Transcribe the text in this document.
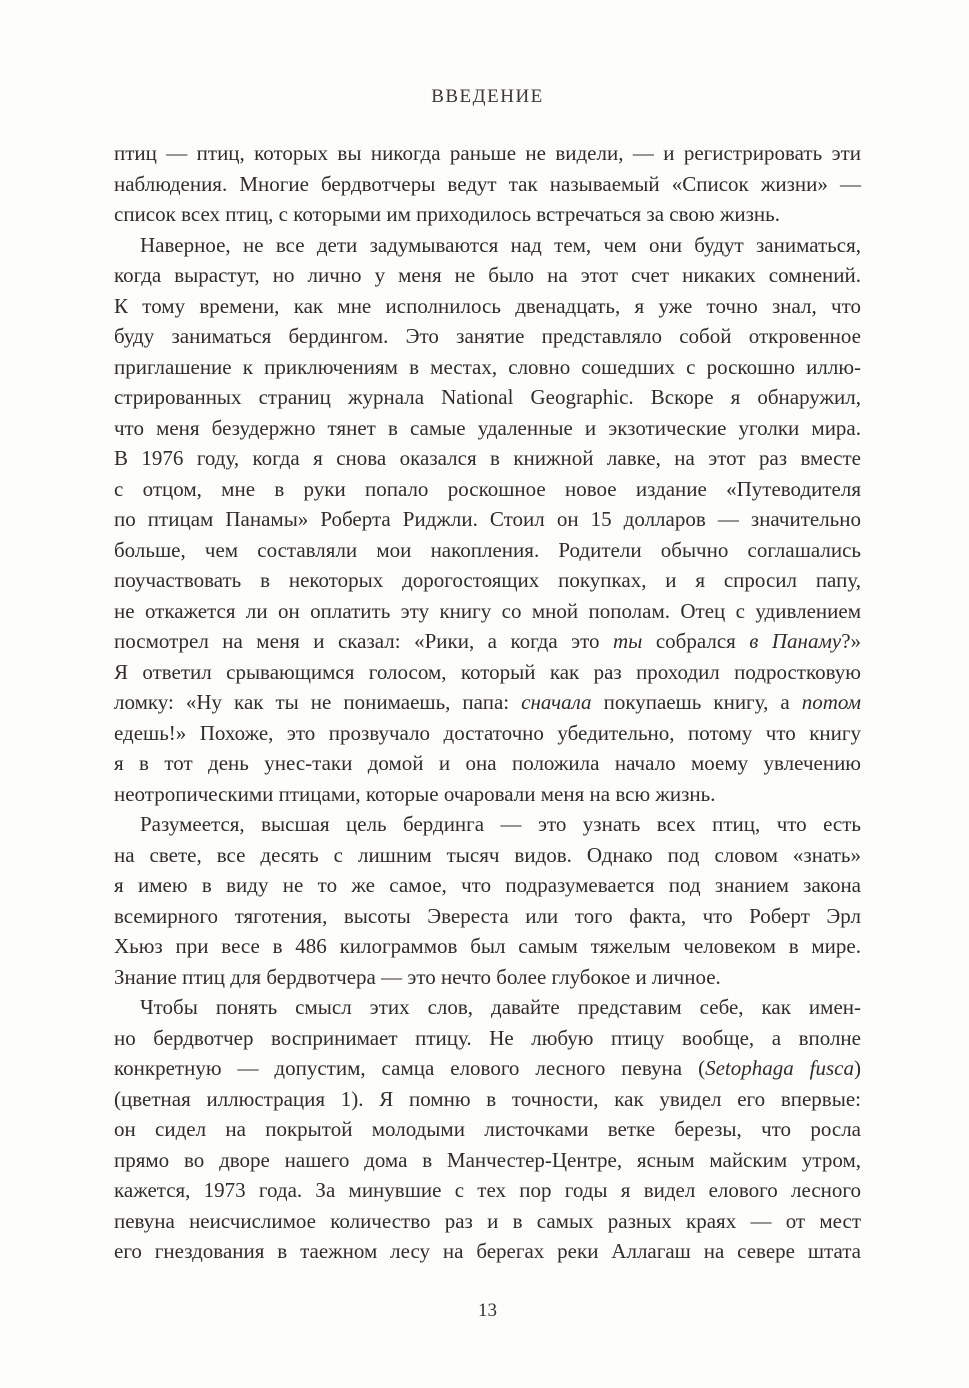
ВВЕДЕНИЕ
птиц — птиц, которых вы никогда раньше не видели, — и регистрировать эти
наблюдения. Многие бердвотчеры ведут так называемый «Список жизни» —
список всех птиц, с которыми им приходилось встречаться за свою жизнь.
Наверное, не все дети задумываются над тем, чем они будут заниматься,
когда вырастут, но лично у меня не было на этот счет никаких сомнений.
К тому времени, как мне исполнилось двенадцать, я уже точно знал, что
буду заниматься бердингом. Это занятие представляло собой откровенное
приглашение к приключениям в местах, словно сошедших с роскошно иллю-
стрированных страниц журнала National Geographic. Вскоре я обнаружил,
что меня безудержно тянет в самые удаленные и экзотические уголки мира.
В 1976 году, когда я снова оказался в книжной лавке, на этот раз вместе
с отцом, мне в руки попало роскошное новое издание «Путеводителя
по птицам Панамы» Роберта Риджли. Стоил он 15 долларов — значительно
больше, чем составляли мои накопления. Родители обычно соглашались
поучаствовать в некоторых дорогостоящих покупках, и я спросил папу,
не откажется ли он оплатить эту книгу со мной пополам. Отец с удивлением
посмотрел на меня и сказал: «Рики, а когда это ты собрался в Панаму?»
Я ответил срывающимся голосом, который как раз проходил подростковую
ломку: «Ну как ты не понимаешь, папа: сначала покупаешь книгу, а потом
едешь!» Похоже, это прозвучало достаточно убедительно, потому что книгу
я в тот день унес-таки домой и она положила начало моему увлечению
неотропическими птицами, которые очаровали меня на всю жизнь.
Разумеется, высшая цель бердинга — это узнать всех птиц, что есть
на свете, все десять с лишним тысяч видов. Однако под словом «знать»
я имею в виду не то же самое, что подразумевается под знанием закона
всемирного тяготения, высоты Эвереста или того факта, что Роберт Эрл
Хьюз при весе в 486 килограммов был самым тяжелым человеком в мире.
Знание птиц для бердвотчера — это нечто более глубокое и личное.
Чтобы понять смысл этих слов, давайте представим себе, как имен-
но бердвотчер воспринимает птицу. Не любую птицу вообще, а вполне
конкретную — допустим, самца елового лесного певуна (Setophaga fusca)
(цветная иллюстрация 1). Я помню в точности, как увидел его впервые:
он сидел на покрытой молодыми листочками ветке березы, что росла
прямо во дворе нашего дома в Манчестер-Центре, ясным майским утром,
кажется, 1973 года. За минувшие с тех пор годы я видел елового лесного
певуна неисчислимое количество раз и в самых разных краях — от мест
его гнездования в таежном лесу на берегах реки Аллагаш на севере штата
13
